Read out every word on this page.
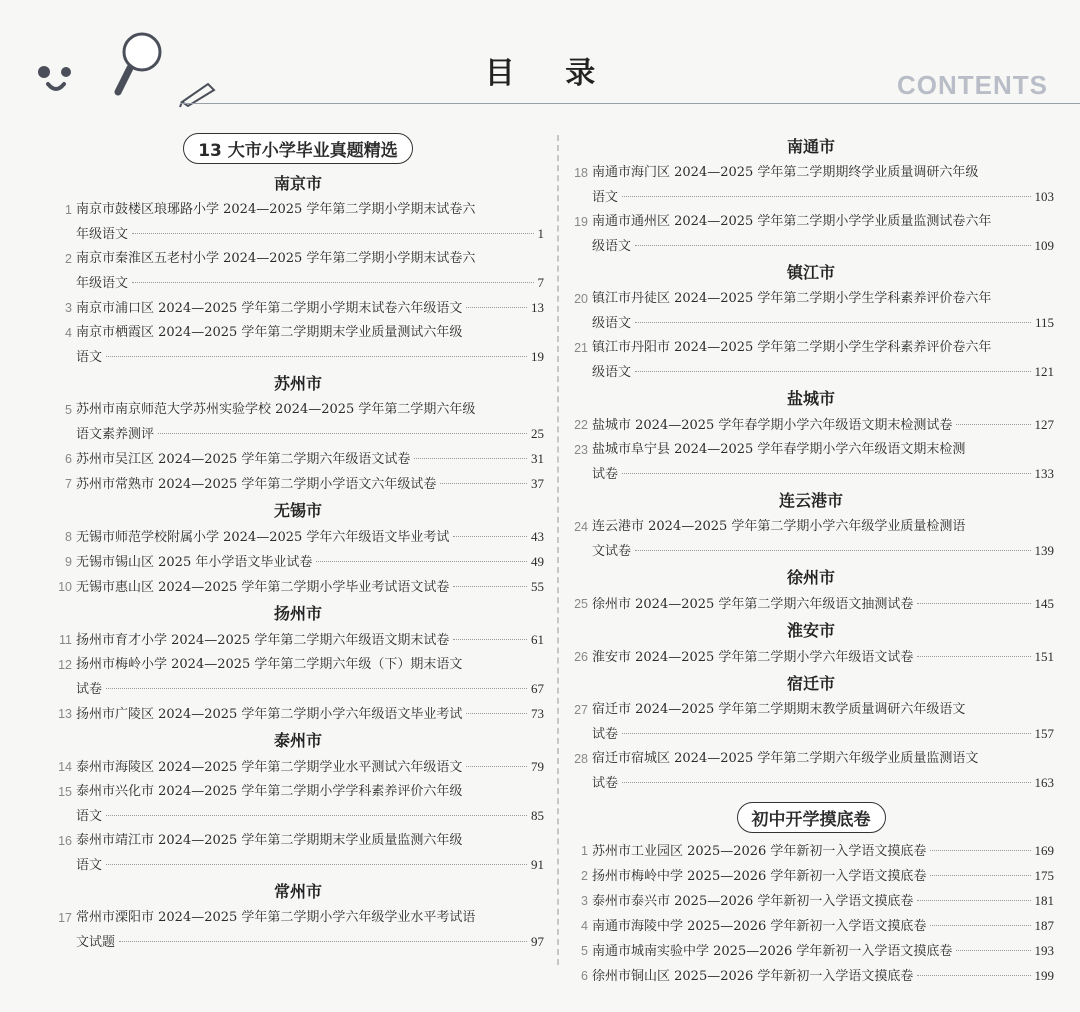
目 录	CONTENTS
13 大市小学毕业真题精选
南京市
1 南京市鼓楼区琅琊路小学 2024—2025 学年第二学期小学期末试卷六
年级语文	1
2 南京市秦淮区五老村小学 2024—2025 学年第二学期小学期末试卷六
年级语文	7
3 南京市浦口区 2024—2025 学年第二学期小学期末试卷六年级语文	13
4 南京市栖霞区 2024—2025 学年第二学期期末学业质量测试六年级
语文	19
苏州市
5 苏州市南京师范大学苏州实验学校 2024—2025 学年第二学期六年级
语文素养测评	25
6 苏州市吴江区 2024—2025 学年第二学期六年级语文试卷	31
7 苏州市常熟市 2024—2025 学年第二学期小学语文六年级试卷	37
无锡市
8 无锡市师范学校附属小学 2024—2025 学年六年级语文毕业考试	43
9 无锡市锡山区 2025 年小学语文毕业试卷	49
10 无锡市惠山区 2024—2025 学年第二学期小学毕业考试语文试卷	55
扬州市
11 扬州市育才小学 2024—2025 学年第二学期六年级语文期末试卷	61
12 扬州市梅岭小学 2024—2025 学年第二学期六年级（下）期末语文
试卷	67
13 扬州市广陵区 2024—2025 学年第二学期小学六年级语文毕业考试	73
泰州市
14 泰州市海陵区 2024—2025 学年第二学期学业水平测试六年级语文	79
15 泰州市兴化市 2024—2025 学年第二学期小学学科素养评价六年级
语文	85
16 泰州市靖江市 2024—2025 学年第二学期期末学业质量监测六年级
语文	91
常州市
17 常州市溧阳市 2024—2025 学年第二学期小学六年级学业水平考试语
文试题	97
南通市
18 南通市海门区 2024—2025 学年第二学期期终学业质量调研六年级
语文	103
19 南通市通州区 2024—2025 学年第二学期小学学业质量监测试卷六年
级语文	109
镇江市
20 镇江市丹徒区 2024—2025 学年第二学期小学生学科素养评价卷六年
级语文	115
21 镇江市丹阳市 2024—2025 学年第二学期小学生学科素养评价卷六年
级语文	121
盐城市
22 盐城市 2024—2025 学年春学期小学六年级语文期末检测试卷	127
23 盐城市阜宁县 2024—2025 学年春学期小学六年级语文期末检测
试卷	133
连云港市
24 连云港市 2024—2025 学年第二学期小学六年级学业质量检测语
文试卷	139
徐州市
25 徐州市 2024—2025 学年第二学期六年级语文抽测试卷	145
淮安市
26 淮安市 2024—2025 学年第二学期小学六年级语文试卷	151
宿迁市
27 宿迁市 2024—2025 学年第二学期期末教学质量调研六年级语文
试卷	157
28 宿迁市宿城区 2024—2025 学年第二学期六年级学业质量监测语文
试卷	163
初中开学摸底卷
1 苏州市工业园区 2025—2026 学年新初一入学语文摸底卷	169
2 扬州市梅岭中学 2025—2026 学年新初一入学语文摸底卷	175
3 泰州市泰兴市 2025—2026 学年新初一入学语文摸底卷	181
4 南通市海陵中学 2025—2026 学年新初一入学语文摸底卷	187
5 南通市城南实验中学 2025—2026 学年新初一入学语文摸底卷	193
6 徐州市铜山区 2025—2026 学年新初一入学语文摸底卷	199
